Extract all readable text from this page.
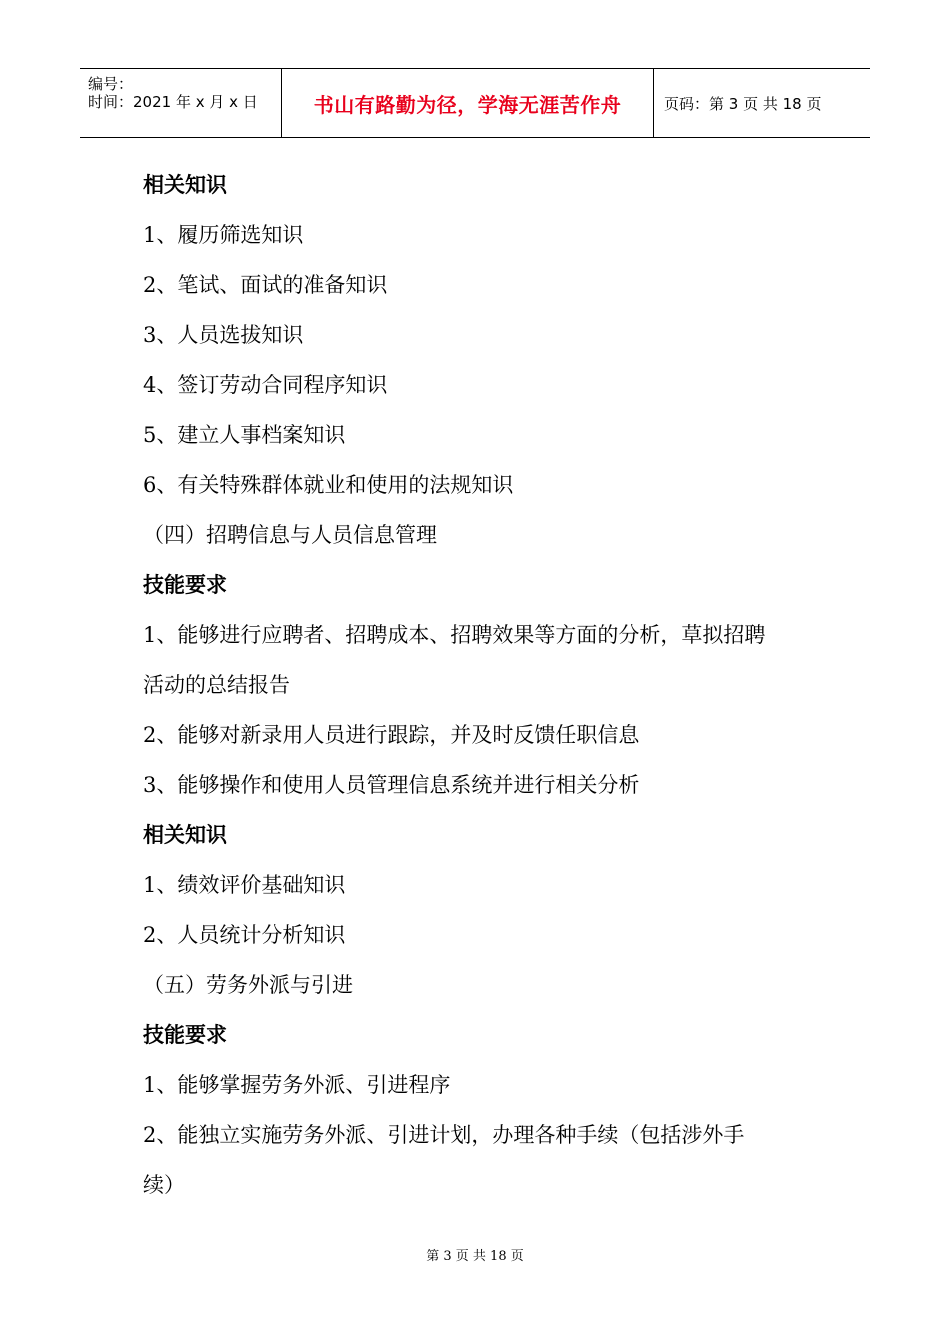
编号：
时间：2021 年 x 月 x 日	书山有路勤为径，学海无涯苦作舟	页码：第 3 页 共 18 页
相关知识
1、履历筛选知识
2、笔试、面试的准备知识
3、人员选拔知识
4、签订劳动合同程序知识
5、建立人事档案知识
6、有关特殊群体就业和使用的法规知识
（四）招聘信息与人员信息管理
技能要求
1、能够进行应聘者、招聘成本、招聘效果等方面的分析，草拟招聘
活动的总结报告
2、能够对新录用人员进行跟踪，并及时反馈任职信息
3、能够操作和使用人员管理信息系统并进行相关分析
相关知识
1、绩效评价基础知识
2、人员统计分析知识
（五）劳务外派与引进
技能要求
1、能够掌握劳务外派、引进程序
2、能独立实施劳务外派、引进计划，办理各种手续（包括涉外手
续）
第 3 页 共 18 页
